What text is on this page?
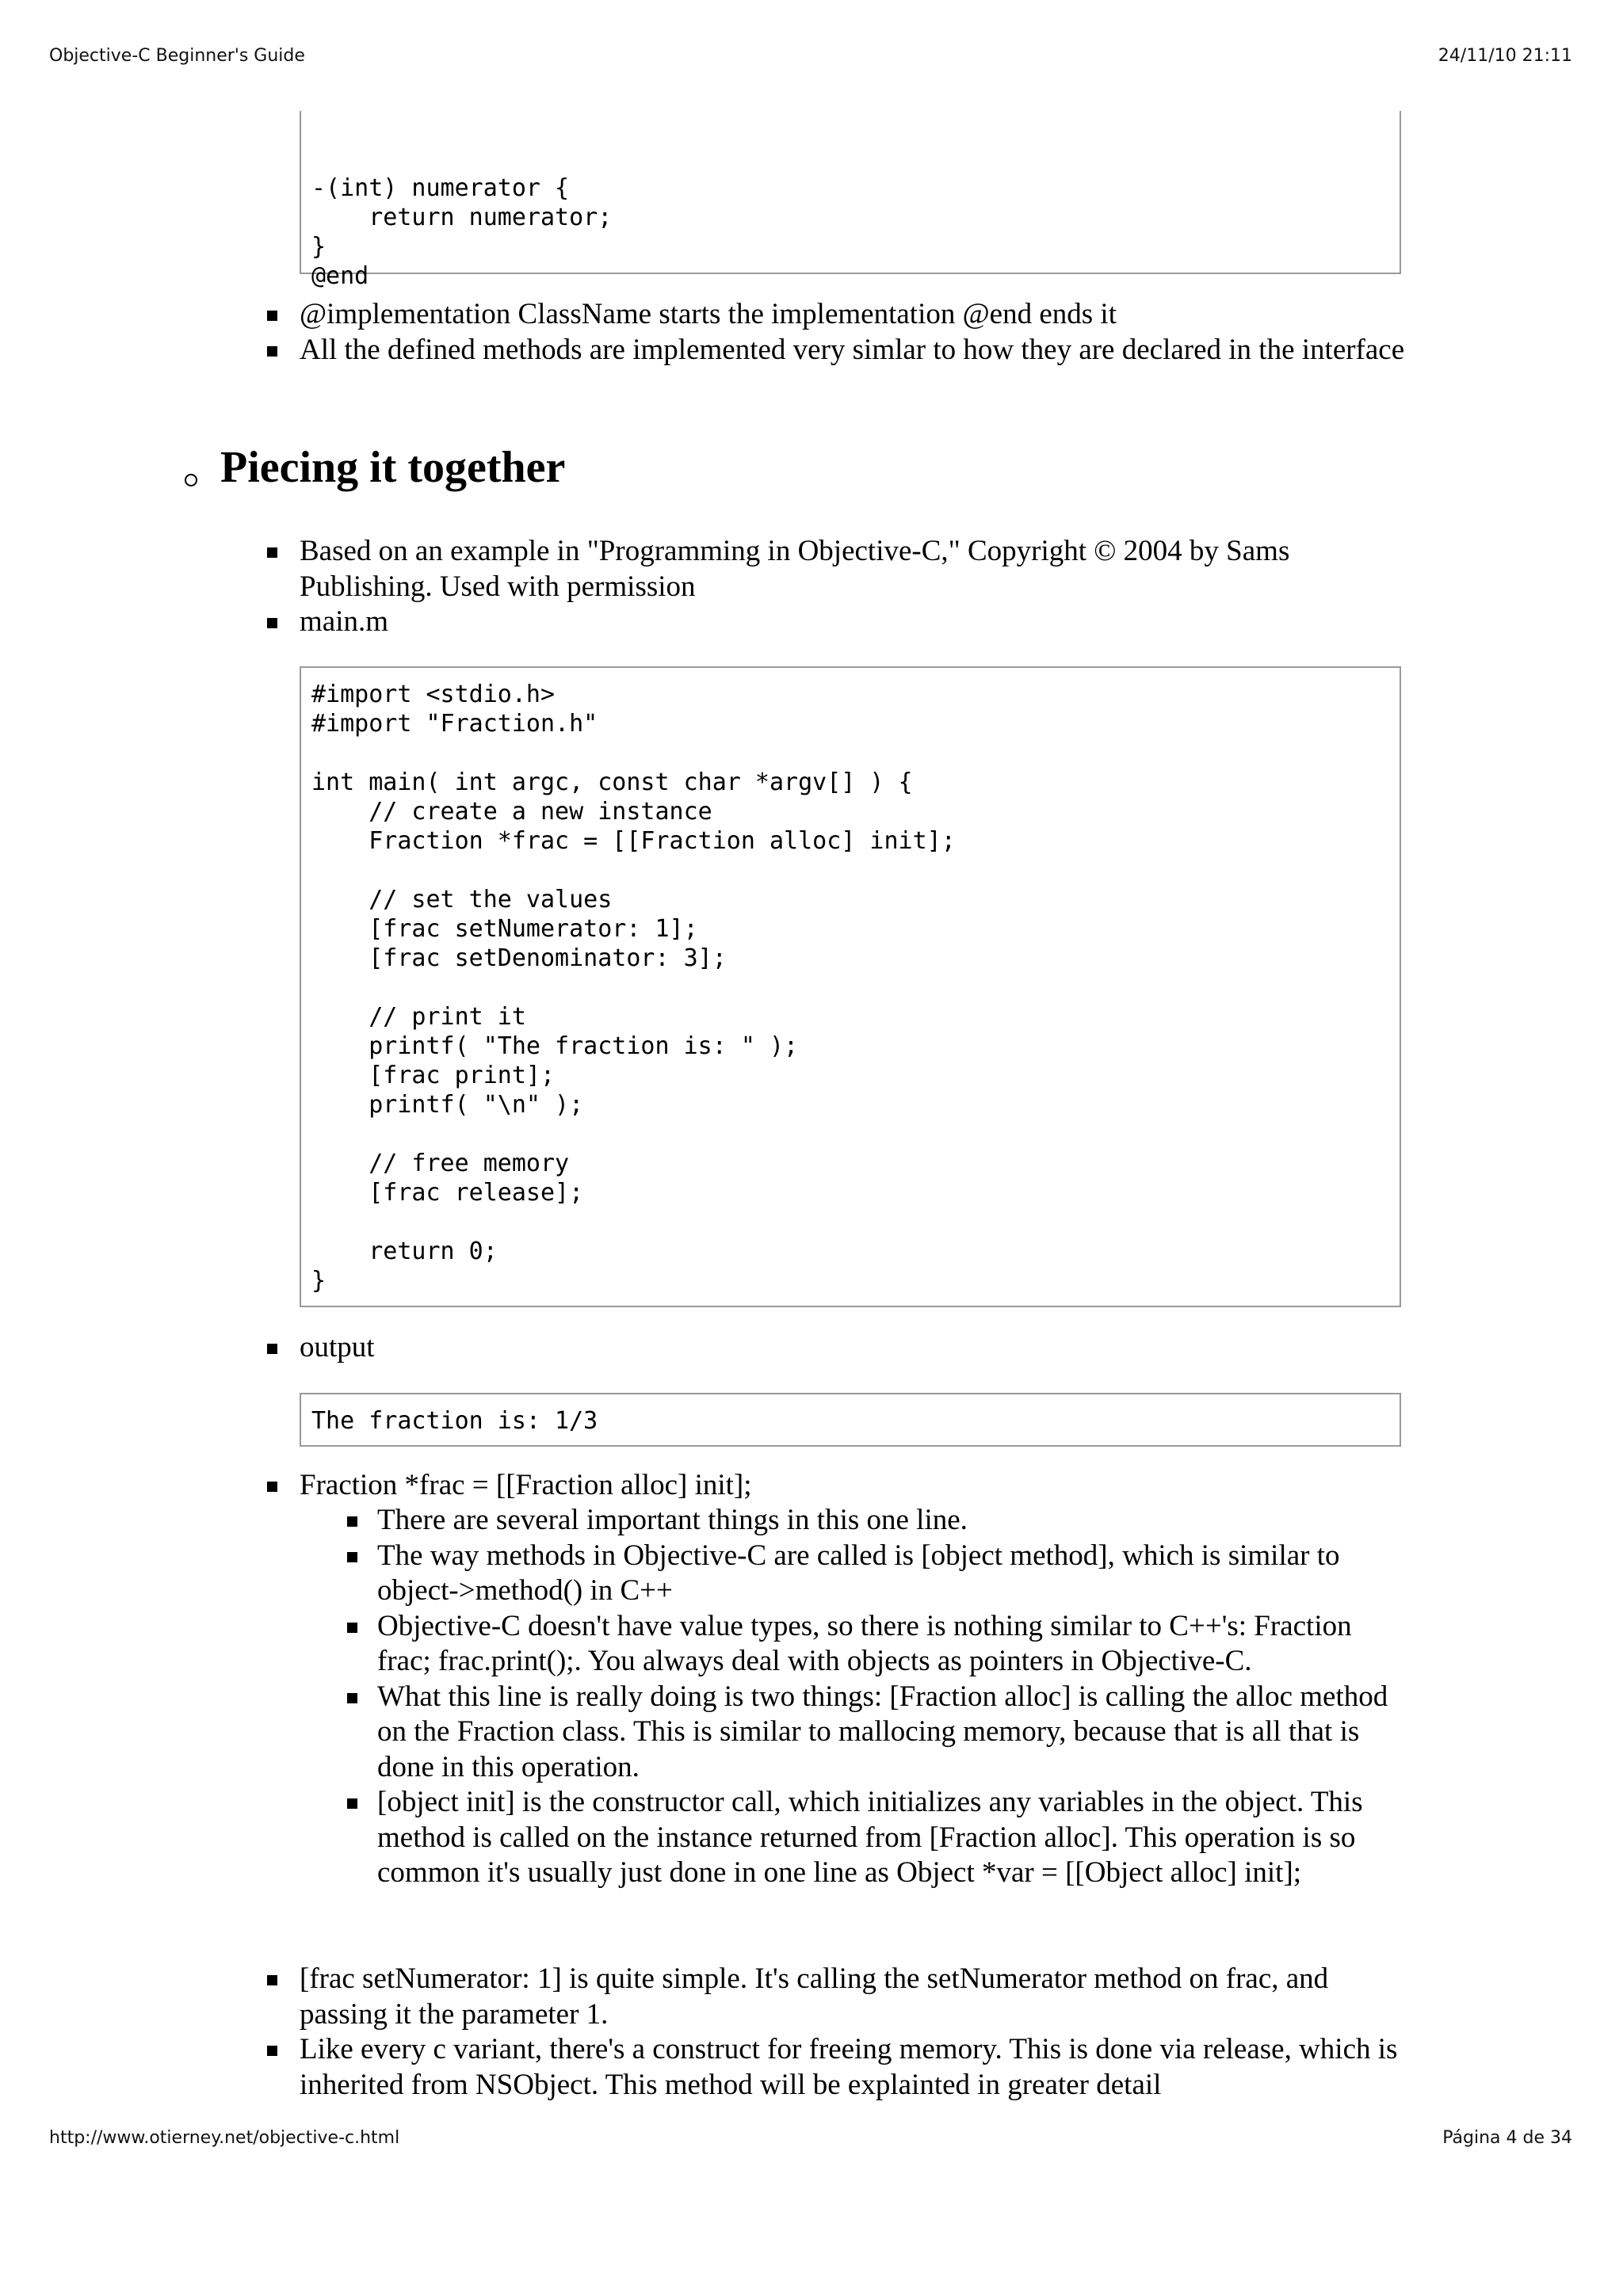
Objective-C Beginner's Guide	24/11/10 21:11
http://www.otierney.net/objective-c.html	Página 4 de 34

-(int) numerator {
return numerator;
}
@end
@implementation ClassName starts the implementation @end ends it
All the defined methods are implemented very simlar to how they are declared in the interface
Piecing it together
Based on an example in "Programming in Objective-C," Copyright © 2004 by Sams Publishing. Used with permission
main.m
#import <stdio.h>
#import "Fraction.h"

int main( int argc, const char *argv[] ) {
// create a new instance
Fraction *frac = [[Fraction alloc] init];

// set the values
[frac setNumerator: 1];
[frac setDenominator: 3];

// print it
printf( "The fraction is: " );
[frac print];
printf( "\n" );

// free memory
[frac release];

return 0;
}
output
The fraction is: 1/3
Fraction *frac = [[Fraction alloc] init];
There are several important things in this one line.
The way methods in Objective-C are called is [object method], which is similar to object->method() in C++
Objective-C doesn't have value types, so there is nothing similar to C++'s: Fraction frac; frac.print();. You always deal with objects as pointers in Objective-C.
What this line is really doing is two things: [Fraction alloc] is calling the alloc method on the Fraction class. This is similar to mallocing memory, because that is all that is done in this operation.
[object init] is the constructor call, which initializes any variables in the object. This method is called on the instance returned from [Fraction alloc]. This operation is so common it's usually just done in one line as Object *var = [[Object alloc] init];
[frac setNumerator: 1] is quite simple. It's calling the setNumerator method on frac, and passing it the parameter 1.
Like every c variant, there's a construct for freeing memory. This is done via release, which is inherited from NSObject. This method will be explainted in greater detail
